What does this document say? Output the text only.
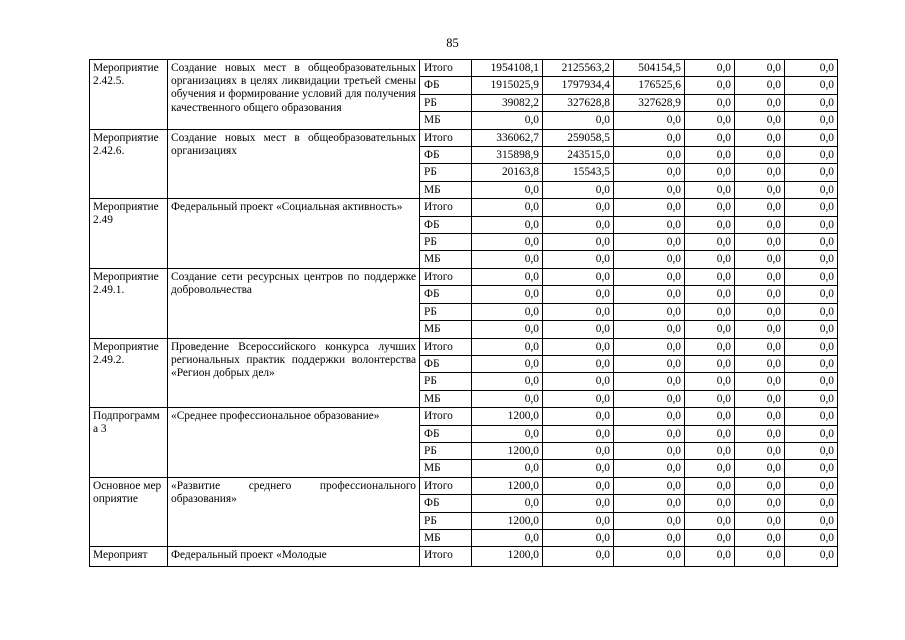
85
Мероприятие 2.42.5.	Создание новых мест в общеобразовательных организациях в целях ликвидации третьей смены обучения и формирование условий для получения качественного общего образования	Итого	1954108,1	2125563,2	504154,5	0,0	0,0	0,0
		ФБ	1915025,9	1797934,4	176525,6	0,0	0,0	0,0
		РБ	39082,2	327628,8	327628,9	0,0	0,0	0,0
		МБ	0,0	0,0	0,0	0,0	0,0	0,0
Мероприятие 2.42.6.	Создание новых мест в общеобразовательных организациях	Итого	336062,7	259058,5	0,0	0,0	0,0	0,0
		ФБ	315898,9	243515,0	0,0	0,0	0,0	0,0
		РБ	20163,8	15543,5	0,0	0,0	0,0	0,0
		МБ	0,0	0,0	0,0	0,0	0,0	0,0
Мероприятие 2.49	Федеральный проект «Социальная активность»	Итого	0,0	0,0	0,0	0,0	0,0	0,0
		ФБ	0,0	0,0	0,0	0,0	0,0	0,0
		РБ	0,0	0,0	0,0	0,0	0,0	0,0
		МБ	0,0	0,0	0,0	0,0	0,0	0,0
Мероприятие 2.49.1.	Создание сети ресурсных центров по поддержке добровольчества	Итого	0,0	0,0	0,0	0,0	0,0	0,0
		ФБ	0,0	0,0	0,0	0,0	0,0	0,0
		РБ	0,0	0,0	0,0	0,0	0,0	0,0
		МБ	0,0	0,0	0,0	0,0	0,0	0,0
Мероприятие 2.49.2.	Проведение Всероссийского конкурса лучших региональных практик поддержки волонтерства «Регион добрых дел»	Итого	0,0	0,0	0,0	0,0	0,0	0,0
		ФБ	0,0	0,0	0,0	0,0	0,0	0,0
		РБ	0,0	0,0	0,0	0,0	0,0	0,0
		МБ	0,0	0,0	0,0	0,0	0,0	0,0
Подпрограмма 3	«Среднее профессиональное образование»	Итого	1200,0	0,0	0,0	0,0	0,0	0,0
		ФБ	0,0	0,0	0,0	0,0	0,0	0,0
		РБ	1200,0	0,0	0,0	0,0	0,0	0,0
		МБ	0,0	0,0	0,0	0,0	0,0	0,0
Основное мероприятие	«Развитие среднего профессионального образования»	Итого	1200,0	0,0	0,0	0,0	0,0	0,0
		ФБ	0,0	0,0	0,0	0,0	0,0	0,0
		РБ	1200,0	0,0	0,0	0,0	0,0	0,0
		МБ	0,0	0,0	0,0	0,0	0,0	0,0
Мероприят	Федеральный проект «Молодые	Итого	1200,0	0,0	0,0	0,0	0,0	0,0
